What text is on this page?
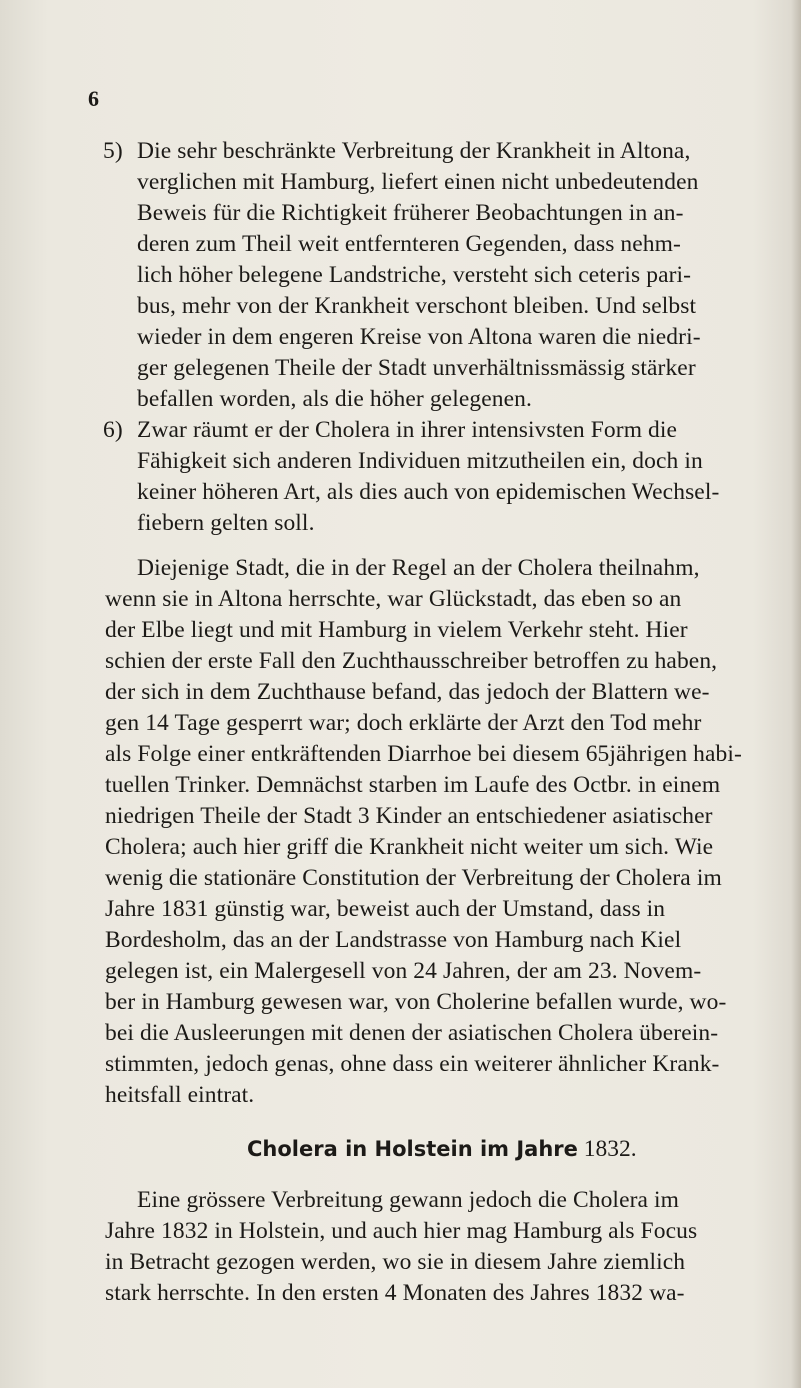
6
5) Die sehr beschränkte Verbreitung der Krankheit in Altona,
verglichen mit Hamburg, liefert einen nicht unbedeutenden
Beweis für die Richtigkeit früherer Beobachtungen in an-
deren zum Theil weit entfernteren Gegenden, dass nehm-
lich höher belegene Landstriche, versteht sich ceteris pari-
bus, mehr von der Krankheit verschont bleiben. Und selbst
wieder in dem engeren Kreise von Altona waren die niedri-
ger gelegenen Theile der Stadt unverhältnissmässig stärker
befallen worden, als die höher gelegenen.
6) Zwar räumt er der Cholera in ihrer intensivsten Form die
Fähigkeit sich anderen Individuen mitzutheilen ein, doch in
keiner höheren Art, als dies auch von epidemischen Wechsel-
fiebern gelten soll.
Diejenige Stadt, die in der Regel an der Cholera theilnahm,
wenn sie in Altona herrschte, war Glückstadt, das eben so an
der Elbe liegt und mit Hamburg in vielem Verkehr steht. Hier
schien der erste Fall den Zuchthausschreiber betroffen zu haben,
der sich in dem Zuchthause befand, das jedoch der Blattern we-
gen 14 Tage gesperrt war; doch erklärte der Arzt den Tod mehr
als Folge einer entkräftenden Diarrhoe bei diesem 65jährigen habi-
tuellen Trinker. Demnächst starben im Laufe des Octbr. in einem
niedrigen Theile der Stadt 3 Kinder an entschiedener asiatischer
Cholera; auch hier griff die Krankheit nicht weiter um sich. Wie
wenig die stationäre Constitution der Verbreitung der Cholera im
Jahre 1831 günstig war, beweist auch der Umstand, dass in
Bordesholm, das an der Landstrasse von Hamburg nach Kiel
gelegen ist, ein Malergesell von 24 Jahren, der am 23. Novem-
ber in Hamburg gewesen war, von Cholerine befallen wurde, wo-
bei die Ausleerungen mit denen der asiatischen Cholera überein-
stimmten, jedoch genas, ohne dass ein weiterer ähnlicher Krank-
heitsfall eintrat.
Cholera in Holstein im Jahre 1832.
Eine grössere Verbreitung gewann jedoch die Cholera im
Jahre 1832 in Holstein, und auch hier mag Hamburg als Focus
in Betracht gezogen werden, wo sie in diesem Jahre ziemlich
stark herrschte. In den ersten 4 Monaten des Jahres 1832 wa-
